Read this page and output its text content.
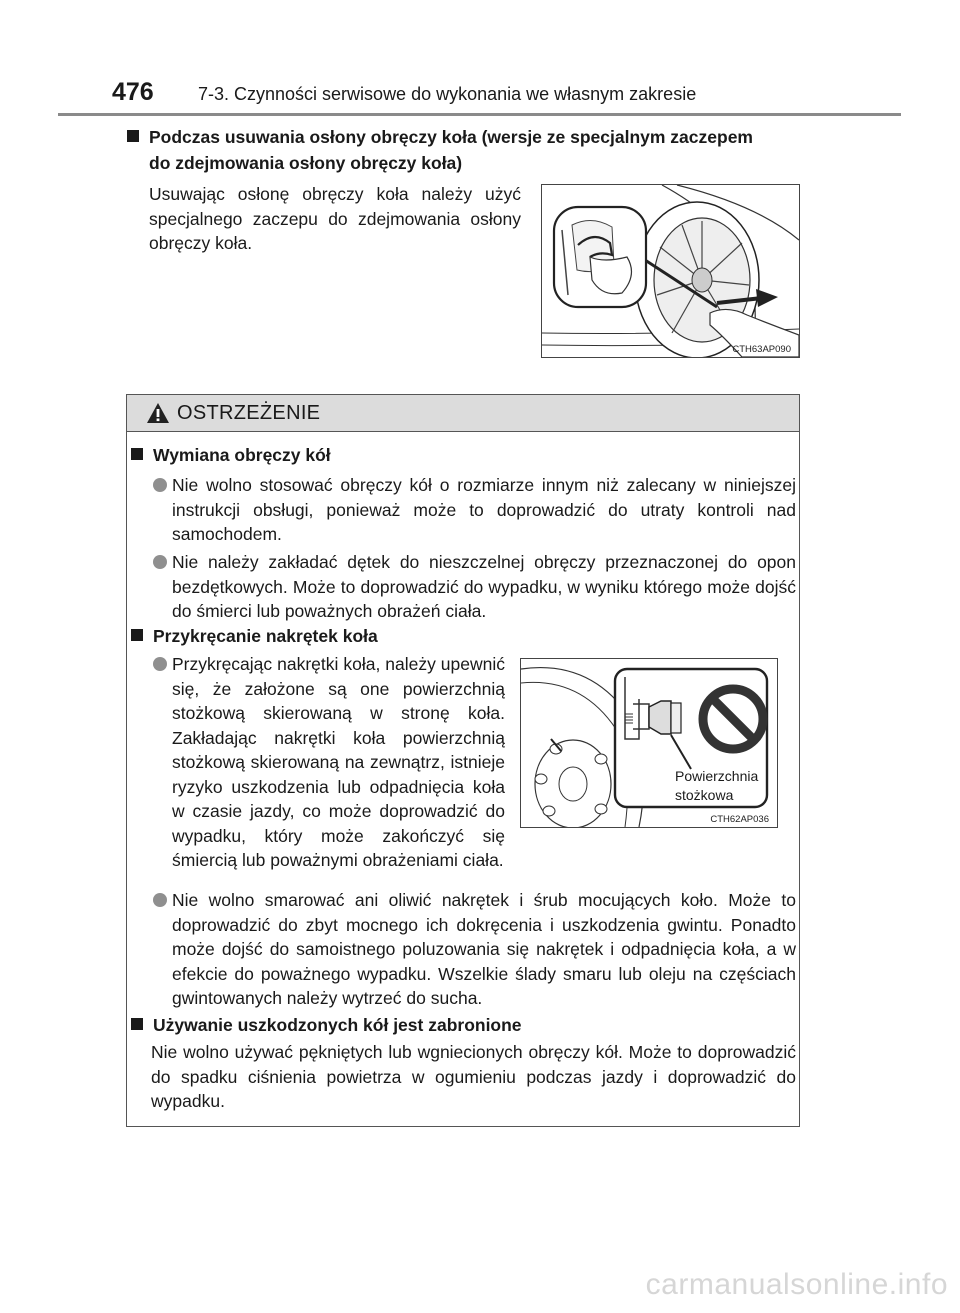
476 7-3. Czynności serwisowe do wykonania we własnym zakresie
Podczas usuwania osłony obręczy koła (wersje ze specjalnym zaczepem
do zdejmowania osłony obręczy koła)
Usuwając osłonę obręczy koła należy użyć specjalnego zaczepu do zdejmowania osłony obręczy koła.
CTH63AP090
OSTRZEŻENIE
Wymiana obręczy kół
Nie wolno stosować obręczy kół o rozmiarze innym niż zalecany w niniejszej instrukcji obsługi, ponieważ może to doprowadzić do utraty kontroli nad samochodem.
Nie należy zakładać dętek do nieszczelnej obręczy przeznaczonej do opon bezdętkowych. Może to doprowadzić do wypadku, w wyniku którego może dojść do śmierci lub poważnych obrażeń ciała.
Przykręcanie nakrętek koła
Przykręcając nakrętki koła, należy upewnić się, że założone są one powierzchnią stożkową skierowaną w stronę koła. Zakładając nakrętki koła powierzchnią stożkową skierowaną na zewnątrz, istnieje ryzyko uszkodzenia lub odpadnięcia koła w czasie jazdy, co może doprowadzić do wypadku, który może zakończyć się śmiercią lub poważnymi obrażeniami ciała.
Powierzchnia
stożkowa
CTH62AP036
Nie wolno smarować ani oliwić nakrętek i śrub mocujących koło. Może to doprowadzić do zbyt mocnego ich dokręcenia i uszkodzenia gwintu. Ponadto może dojść do samoistnego poluzowania się nakrętek i odpadnięcia koła, a w efekcie do poważnego wypadku. Wszelkie ślady smaru lub oleju na częściach gwintowanych należy wytrzeć do sucha.
Używanie uszkodzonych kół jest zabronione
Nie wolno używać pękniętych lub wgniecionych obręczy kół. Może to doprowadzić do spadku ciśnienia powietrza w ogumieniu podczas jazdy i doprowadzić do wypadku.
carmanualsonline.info
